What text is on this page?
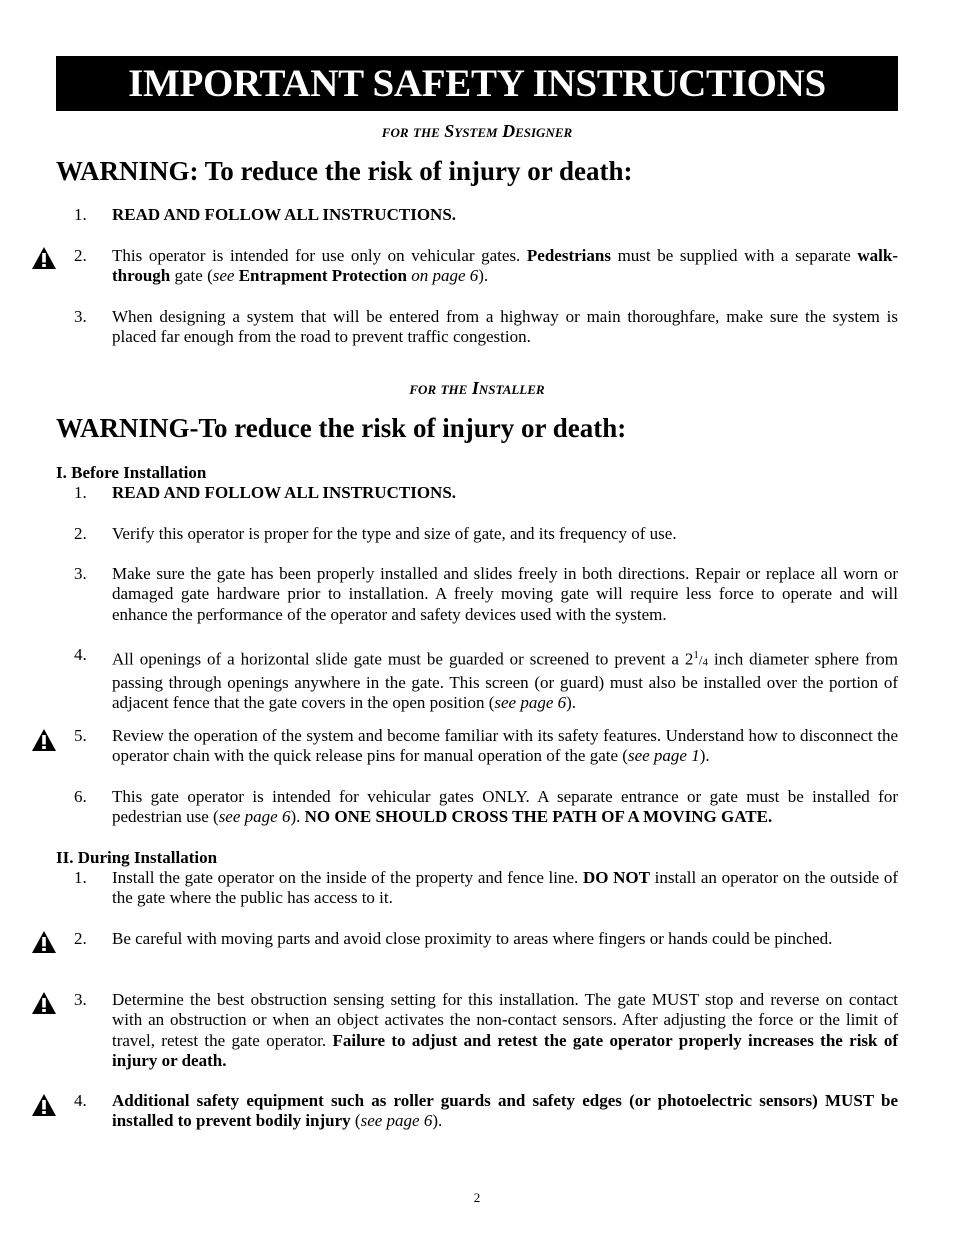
IMPORTANT SAFETY INSTRUCTIONS
for the System Designer
WARNING: To reduce the risk of injury or death:
1.	READ AND FOLLOW ALL INSTRUCTIONS.
2.	This operator is intended for use only on vehicular gates. Pedestrians must be supplied with a separate walk-through gate (see Entrapment Protection on page 6).
3.	When designing a system that will be entered from a highway or main thoroughfare, make sure the system is placed far enough from the road to prevent traffic congestion.
for the Installer
WARNING-To reduce the risk of injury or death:
I. Before Installation
1.	READ AND FOLLOW ALL INSTRUCTIONS.
2.	Verify this operator is proper for the type and size of gate, and its frequency of use.
3.	Make sure the gate has been properly installed and slides freely in both directions. Repair or replace all worn or damaged gate hardware prior to installation. A freely moving gate will require less force to operate and will enhance the performance of the operator and safety devices used with the system.
4.	All openings of a horizontal slide gate must be guarded or screened to prevent a $2^1/_4$ inch diameter sphere from passing through openings anywhere in the gate. This screen (or guard) must also be installed over the portion of adjacent fence that the gate covers in the open position (see page 6).
5.	Review the operation of the system and become familiar with its safety features. Understand how to disconnect the operator chain with the quick release pins for manual operation of the gate (see page 1).
6.	This gate operator is intended for vehicular gates ONLY. A separate entrance or gate must be installed for pedestrian use (see page 6). NO ONE SHOULD CROSS THE PATH OF A MOVING GATE.
II. During Installation
1.	Install the gate operator on the inside of the property and fence line. DO NOT install an operator on the outside of the gate where the public has access to it.
2.	Be careful with moving parts and avoid close proximity to areas where fingers or hands could be pinched.
3.	Determine the best obstruction sensing setting for this installation. The gate MUST stop and reverse on contact with an obstruction or when an object activates the non-contact sensors. After adjusting the force or the limit of travel, retest the gate operator. Failure to adjust and retest the gate operator properly increases the risk of injury or death.
4.	Additional safety equipment such as roller guards and safety edges (or photoelectric sensors) MUST be installed to prevent bodily injury (see page 6).
2
